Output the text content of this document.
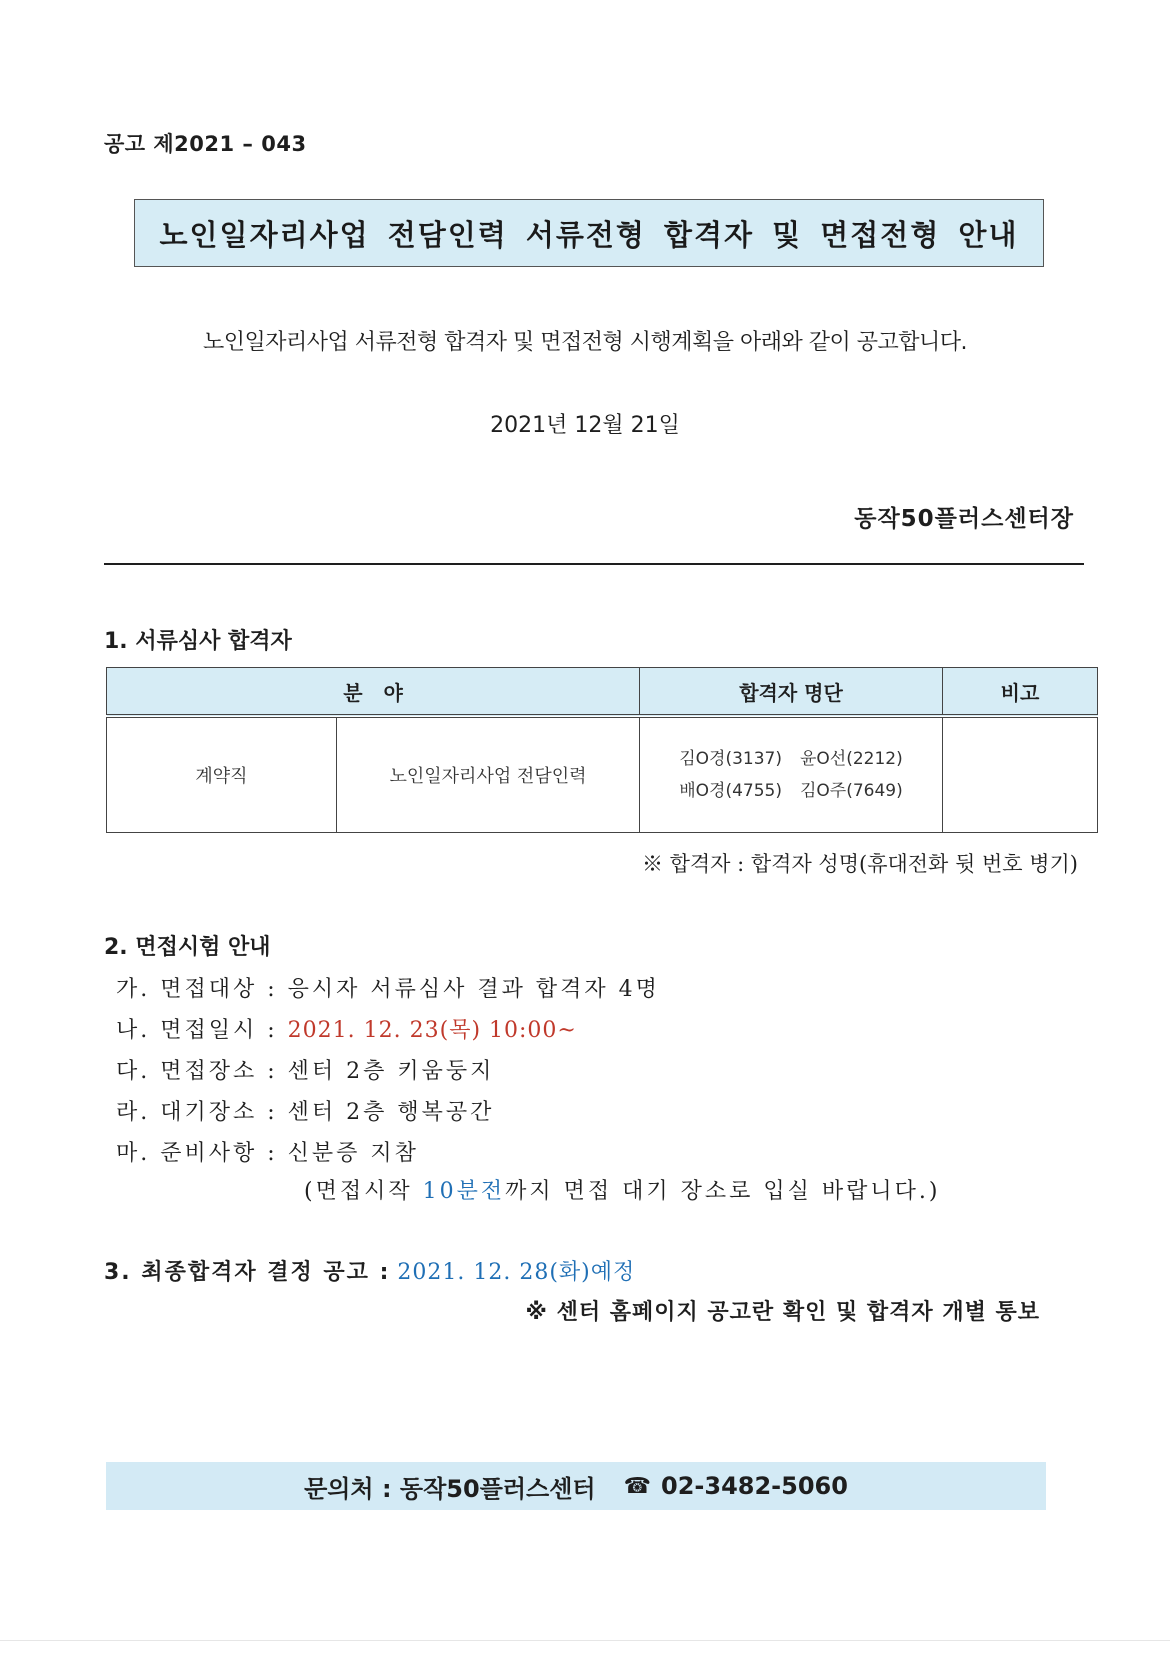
공고 제2021 – 043
노인일자리사업 전담인력 서류전형 합격자 및 면접전형 안내
노인일자리사업 서류전형 합격자 및 면접전형 시행계획을 아래와 같이 공고합니다.
2021년 12월 21일
동작50플러스센터장
1. 서류심사 합격자
분   야		합격자 명단	비고
계약직	노인일자리사업 전담인력	김O경(3137) 윤O선(2212)
배O경(4755) 김O주(7649)	

※ 합격자 : 합격자 성명(휴대전화 뒷 번호 병기)
2. 면접시험 안내
가. 면접대상 : 응시자 서류심사 결과 합격자 4명
나. 면접일시 : 2021. 12. 23(목) 10:00~
다. 면접장소 : 센터 2층 키움둥지
라. 대기장소 : 센터 2층 행복공간
마. 준비사항 : 신분증 지참
(면접시작 10분전까지 면접 대기 장소로 입실 바랍니다.)
3. 최종합격자 결정 공고 : 2021. 12. 28(화)예정
※ 센터 홈페이지 공고란 확인 및 합격자 개별 통보
문의처 : 동작50플러스센터 ☎ 02-3482-5060
